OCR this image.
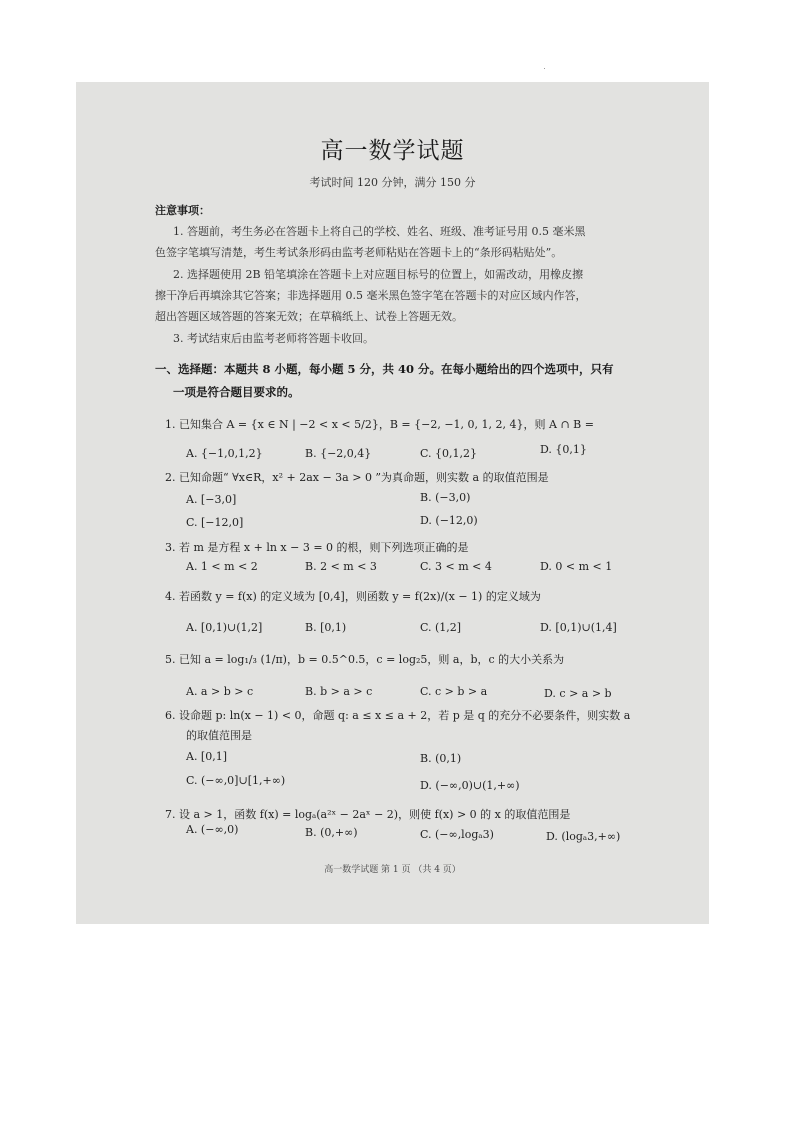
高一数学试题
考试时间 120 分钟，满分 150 分
注意事项：
1. 答题前，考生务必在答题卡上将自己的学校、姓名、班级、准考证号用 0.5 毫米黑
色签字笔填写清楚，考生考试条形码由监考老师粘贴在答题卡上的“条形码粘贴处”。
2. 选择题使用 2B 铅笔填涂在答题卡上对应题目标号的位置上，如需改动，用橡皮擦
擦干净后再填涂其它答案；非选择题用 0.5 毫米黑色签字笔在答题卡的对应区域内作答，
超出答题区域答题的答案无效；在草稿纸上、试卷上答题无效。
3. 考试结束后由监考老师将答题卡收回。
一、选择题：本题共 8 小题，每小题 5 分，共 40 分。在每小题给出的四个选项中，只有
一项是符合题目要求的。
1. 已知集合 A = {x ∈ N | −2 < x < 5/2}，B = {−2, −1, 0, 1, 2, 4}，则 A ∩ B =
A. {−1,0,1,2}	B. {−2,0,4}	C. {0,1,2}	D. {0,1}
2. 已知命题“ ∀x∈R，x² + 2ax − 3a > 0 ”为真命题，则实数 a 的取值范围是
A. [−3,0]	B. (−3,0)
C. [−12,0]	D. (−12,0)
3. 若 m 是方程 x + ln x − 3 = 0 的根，则下列选项正确的是
A. 1 < m < 2	B. 2 < m < 3	C. 3 < m < 4	D. 0 < m < 1
4. 若函数 y = f(x) 的定义域为 [0,4]，则函数 y = f(2x)/(x − 1) 的定义域为
A. [0,1)∪(1,2]	B. [0,1)	C. (1,2]	D. [0,1)∪(1,4]
5. 已知 a = log₁/₃ (1/π)，b = 0.5^0.5，c = log₂5，则 a，b，c 的大小关系为
A. a > b > c	B. b > a > c	C. c > b > a	D. c > a > b
6. 设命题 p: ln(x − 1) < 0，命题 q: a ≤ x ≤ a + 2，若 p 是 q 的充分不必要条件，则实数 a
的取值范围是
A. [0,1]	B. (0,1)
C. (−∞,0]∪[1,+∞)	D. (−∞,0)∪(1,+∞)
7. 设 a > 1，函数 f(x) = logₐ(a²ˣ − 2aˣ − 2)，则使 f(x) > 0 的 x 的取值范围是
A. (−∞,0)	B. (0,+∞)	C. (−∞,logₐ3)	D. (logₐ3,+∞)
高一数学试题 第 1 页 （共 4 页）
